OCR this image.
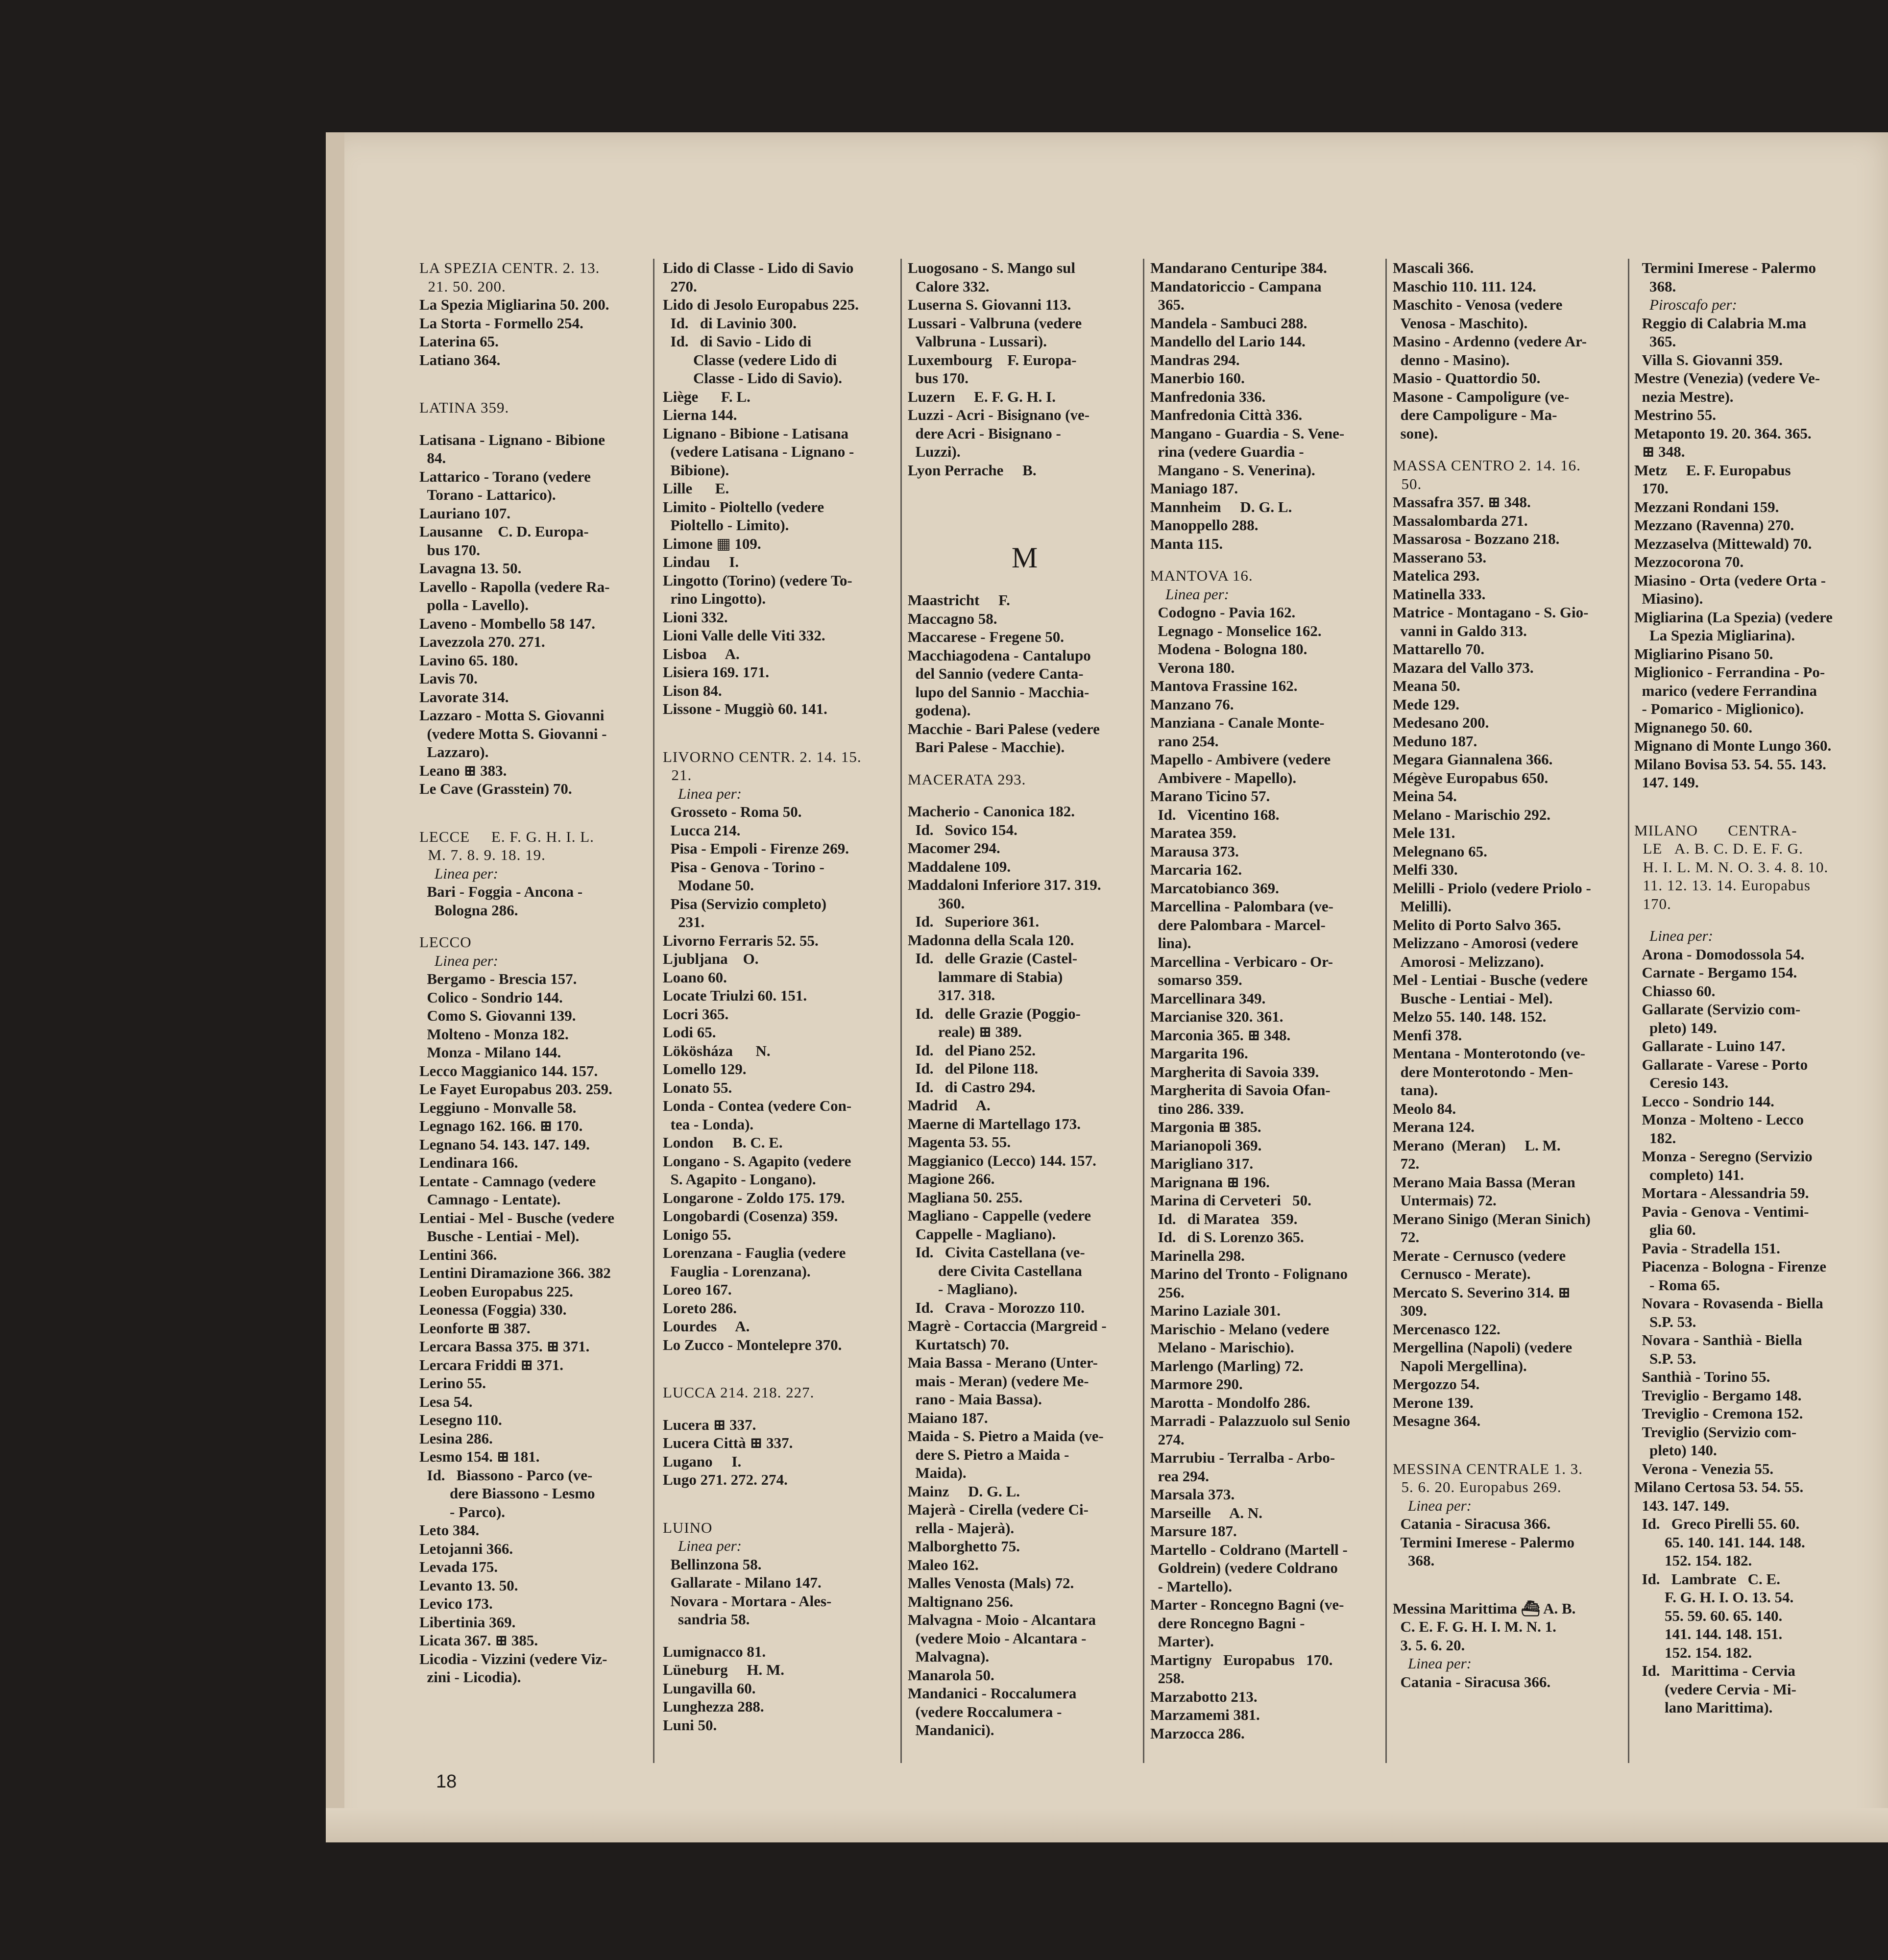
LA SPEZIA CENTR. 2. 13.
21. 50. 200.
La Spezia Migliarina 50. 200.
La Storta - Formello 254.
Laterina 65.
Latiano 364.
LATINA 359.
Latisana - Lignano - Bibione
84.
Lattarico - Torano (vedere
Torano - Lattarico).
Lauriano 107.
Lausanne    C. D. Europa-
bus 170.
Lavagna 13. 50.
Lavello - Rapolla (vedere Ra-
polla - Lavello).
Laveno - Mombello 58 147.
Lavezzola 270. 271.
Lavino 65. 180.
Lavis 70.
Lavorate 314.
Lazzaro - Motta S. Giovanni
(vedere Motta S. Giovanni -
Lazzaro).
Leano ⊞ 383.
Le Cave (Grasstein) 70.
LECCE     E. F. G. H. I. L.
M. 7. 8. 9. 18. 19.
Linea per:
Bari - Foggia - Ancona -
Bologna 286.
LECCO
Linea per:
Bergamo - Brescia 157.
Colico - Sondrio 144.
Como S. Giovanni 139.
Molteno - Monza 182.
Monza - Milano 144.
Lecco Maggianico 144. 157.
Le Fayet Europabus 203. 259.
Leggiuno - Monvalle 58.
Legnago 162. 166. ⊞ 170.
Legnano 54. 143. 147. 149.
Lendinara 166.
Lentate - Camnago (vedere
Camnago - Lentate).
Lentiai - Mel - Busche (vedere
Busche - Lentiai - Mel).
Lentini 366.
Lentini Diramazione 366. 382
Leoben Europabus 225.
Leonessa (Foggia) 330.
Leonforte ⊞ 387.
Lercara Bassa 375. ⊞ 371.
Lercara Friddi ⊞ 371.
Lerino 55.
Lesa 54.
Lesegno 110.
Lesina 286.
Lesmo 154. ⊞ 181.
Id.   Biassono - Parco (ve-
dere Biassono - Lesmo
- Parco).
Leto 384.
Letojanni 366.
Levada 175.
Levanto 13. 50.
Levico 173.
Libertinia 369.
Licata 367. ⊞ 385.
Licodia - Vizzini (vedere Viz-
zini - Licodia).
Lido di Classe - Lido di Savio
270.
Lido di Jesolo Europabus 225.
Id.   di Lavinio 300.
Id.   di Savio - Lido di
Classe (vedere Lido di
Classe - Lido di Savio).
Liège      F. L.
Lierna 144.
Lignano - Bibione - Latisana
(vedere Latisana - Lignano -
Bibione).
Lille      E.
Limito - Pioltello (vedere
Pioltello - Limito).
Limone ▦ 109.
Lindau     I.
Lingotto (Torino) (vedere To-
rino Lingotto).
Lioni 332.
Lioni Valle delle Viti 332.
Lisboa     A.
Lisiera 169. 171.
Lison 84.
Lissone - Muggiò 60. 141.
LIVORNO CENTR. 2. 14. 15.
21.
Linea per:
Grosseto - Roma 50.
Lucca 214.
Pisa - Empoli - Firenze 269.
Pisa - Genova - Torino -
Modane 50.
Pisa (Servizio completo)
231.
Livorno Ferraris 52. 55.
Ljubljana    O.
Loano 60.
Locate Triulzi 60. 151.
Locri 365.
Lodi 65.
Lökösháza      N.
Lomello 129.
Lonato 55.
Londa - Contea (vedere Con-
tea - Londa).
London     B. C. E.
Longano - S. Agapito (vedere
S. Agapito - Longano).
Longarone - Zoldo 175. 179.
Longobardi (Cosenza) 359.
Lonigo 55.
Lorenzana - Fauglia (vedere
Fauglia - Lorenzana).
Loreo 167.
Loreto 286.
Lourdes     A.
Lo Zucco - Montelepre 370.
LUCCA 214. 218. 227.
Lucera ⊞ 337.
Lucera Città ⊞ 337.
Lugano     I.
Lugo 271. 272. 274.
LUINO
Linea per:
Bellinzona 58.
Gallarate - Milano 147.
Novara - Mortara - Ales-
sandria 58.
Lumignacco 81.
Lüneburg     H. M.
Lungavilla 60.
Lunghezza 288.
Luni 50.
Luogosano - S. Mango sul
Calore 332.
Luserna S. Giovanni 113.
Lussari - Valbruna (vedere
Valbruna - Lussari).
Luxembourg    F. Europa-
bus 170.
Luzern     E. F. G. H. I.
Luzzi - Acri - Bisignano (ve-
dere Acri - Bisignano -
Luzzi).
Lyon Perrache     B.
M
Maastricht     F.
Maccagno 58.
Maccarese - Fregene 50.
Macchiagodena - Cantalupo
del Sannio (vedere Canta-
lupo del Sannio - Macchia-
godena).
Macchie - Bari Palese (vedere
Bari Palese - Macchie).
MACERATA 293.
Macherio - Canonica 182.
Id.   Sovico 154.
Macomer 294.
Maddalene 109.
Maddaloni Inferiore 317. 319.
360.
Id.   Superiore 361.
Madonna della Scala 120.
Id.   delle Grazie (Castel-
lammare di Stabia)
317. 318.
Id.   delle Grazie (Poggio-
reale) ⊞ 389.
Id.   del Piano 252.
Id.   del Pilone 118.
Id.   di Castro 294.
Madrid     A.
Maerne di Martellago 173.
Magenta 53. 55.
Maggianico (Lecco) 144. 157.
Magione 266.
Magliana 50. 255.
Magliano - Cappelle (vedere
Cappelle - Magliano).
Id.   Civita Castellana (ve-
dere Civita Castellana
- Magliano).
Id.   Crava - Morozzo 110.
Magrè - Cortaccia (Margreid -
Kurtatsch) 70.
Maia Bassa - Merano (Unter-
mais - Meran) (vedere Me-
rano - Maia Bassa).
Maiano 187.
Maida - S. Pietro a Maida (ve-
dere S. Pietro a Maida -
Maida).
Mainz     D. G. L.
Majerà - Cirella (vedere Ci-
rella - Majerà).
Malborghetto 75.
Maleo 162.
Malles Venosta (Mals) 72.
Maltignano 256.
Malvagna - Moio - Alcantara
(vedere Moio - Alcantara -
Malvagna).
Manarola 50.
Mandanici - Roccalumera
(vedere Roccalumera -
Mandanici).
Mandarano Centuripe 384.
Mandatoriccio - Campana
365.
Mandela - Sambuci 288.
Mandello del Lario 144.
Mandras 294.
Manerbio 160.
Manfredonia 336.
Manfredonia Città 336.
Mangano - Guardia - S. Vene-
rina (vedere Guardia -
Mangano - S. Venerina).
Maniago 187.
Mannheim     D. G. L.
Manoppello 288.
Manta 115.
MANTOVA 16.
Linea per:
Codogno - Pavia 162.
Legnago - Monselice 162.
Modena - Bologna 180.
Verona 180.
Mantova Frassine 162.
Manzano 76.
Manziana - Canale Monte-
rano 254.
Mapello - Ambivere (vedere
Ambivere - Mapello).
Marano Ticino 57.
Id.   Vicentino 168.
Maratea 359.
Marausa 373.
Marcaria 162.
Marcatobianco 369.
Marcellina - Palombara (ve-
dere Palombara - Marcel-
lina).
Marcellina - Verbicaro - Or-
somarso 359.
Marcellinara 349.
Marcianise 320. 361.
Marconia 365. ⊞ 348.
Margarita 196.
Margherita di Savoia 339.
Margherita di Savoia Ofan-
tino 286. 339.
Margonia ⊞ 385.
Marianopoli 369.
Marigliano 317.
Marignana ⊞ 196.
Marina di Cerveteri   50.
Id.   di Maratea   359.
Id.   di S. Lorenzo 365.
Marinella 298.
Marino del Tronto - Folignano
256.
Marino Laziale 301.
Marischio - Melano (vedere
Melano - Marischio).
Marlengo (Marling) 72.
Marmore 290.
Marotta - Mondolfo 286.
Marradi - Palazzuolo sul Senio
274.
Marrubiu - Terralba - Arbo-
rea 294.
Marsala 373.
Marseille     A. N.
Marsure 187.
Martello - Coldrano (Martell -
Goldrein) (vedere Coldrano
- Martello).
Marter - Roncegno Bagni (ve-
dere Roncegno Bagni -
Marter).
Martigny   Europabus   170.
258.
Marzabotto 213.
Marzamemi 381.
Marzocca 286.
Mascali 366.
Maschio 110. 111. 124.
Maschito - Venosa (vedere
Venosa - Maschito).
Masino - Ardenno (vedere Ar-
denno - Masino).
Masio - Quattordio 50.
Masone - Campoligure (ve-
dere Campoligure - Ma-
sone).
MASSA CENTRO 2. 14. 16.
50.
Massafra 357. ⊞ 348.
Massalombarda 271.
Massarosa - Bozzano 218.
Masserano 53.
Matelica 293.
Matinella 333.
Matrice - Montagano - S. Gio-
vanni in Galdo 313.
Mattarello 70.
Mazara del Vallo 373.
Meana 50.
Mede 129.
Medesano 200.
Meduno 187.
Megara Giannalena 366.
Mégève Europabus 650.
Meina 54.
Melano - Marischio 292.
Mele 131.
Melegnano 65.
Melfi 330.
Melilli - Priolo (vedere Priolo -
Melilli).
Melito di Porto Salvo 365.
Melizzano - Amorosi (vedere
Amorosi - Melizzano).
Mel - Lentiai - Busche (vedere
Busche - Lentiai - Mel).
Melzo 55. 140. 148. 152.
Menfi 378.
Mentana - Monterotondo (ve-
dere Monterotondo - Men-
tana).
Meolo 84.
Merana 124.
Merano  (Meran)     L. M.
72.
Merano Maia Bassa (Meran
Untermais) 72.
Merano Sinigo (Meran Sinich)
72.
Merate - Cernusco (vedere
Cernusco - Merate).
Mercato S. Severino 314. ⊞
309.
Mercenasco 122.
Mergellina (Napoli) (vedere
Napoli Mergellina).
Mergozzo 54.
Merone 139.
Mesagne 364.
MESSINA CENTRALE 1. 3.
5. 6. 20. Europabus 269.
Linea per:
Catania - Siracusa 366.
Termini Imerese - Palermo
368.
Messina Marittima ⛴ A. B.
C. E. F. G. H. I. M. N. 1.
3. 5. 6. 20.
Linea per:
Catania - Siracusa 366.
Termini Imerese - Palermo
368.
Piroscafo per:
Reggio di Calabria M.ma
365.
Villa S. Giovanni 359.
Mestre (Venezia) (vedere Ve-
nezia Mestre).
Mestrino 55.
Metaponto 19. 20. 364. 365.
⊞ 348.
Metz     E. F. Europabus
170.
Mezzani Rondani 159.
Mezzano (Ravenna) 270.
Mezzaselva (Mittewald) 70.
Mezzocorona 70.
Miasino - Orta (vedere Orta -
Miasino).
Migliarina (La Spezia) (vedere
La Spezia Migliarina).
Migliarino Pisano 50.
Miglionico - Ferrandina - Po-
marico (vedere Ferrandina
- Pomarico - Miglionico).
Mignanego 50. 60.
Mignano di Monte Lungo 360.
Milano Bovisa 53. 54. 55. 143.
147. 149.
MILANO       CENTRA-
LE   A. B. C. D. E. F. G.
H. I. L. M. N. O. 3. 4. 8. 10.
11. 12. 13. 14. Europabus
170.
Linea per:
Arona - Domodossola 54.
Carnate - Bergamo 154.
Chiasso 60.
Gallarate (Servizio com-
pleto) 149.
Gallarate - Luino 147.
Gallarate - Varese - Porto
Ceresio 143.
Lecco - Sondrio 144.
Monza - Molteno - Lecco
182.
Monza - Seregno (Servizio
completo) 141.
Mortara - Alessandria 59.
Pavia - Genova - Ventimi-
glia 60.
Pavia - Stradella 151.
Piacenza - Bologna - Firenze
- Roma 65.
Novara - Rovasenda - Biella
S.P. 53.
Novara - Santhià - Biella
S.P. 53.
Santhià - Torino 55.
Treviglio - Bergamo 148.
Treviglio - Cremona 152.
Treviglio (Servizio com-
pleto) 140.
Verona - Venezia 55.
Milano Certosa 53. 54. 55.
143. 147. 149.
Id.   Greco Pirelli 55. 60.
65. 140. 141. 144. 148.
152. 154. 182.
Id.   Lambrate   C. E.
F. G. H. I. O. 13. 54.
55. 59. 60. 65. 140.
141. 144. 148. 151.
152. 154. 182.
Id.   Marittima - Cervia
(vedere Cervia - Mi-
lano Marittima).
18
